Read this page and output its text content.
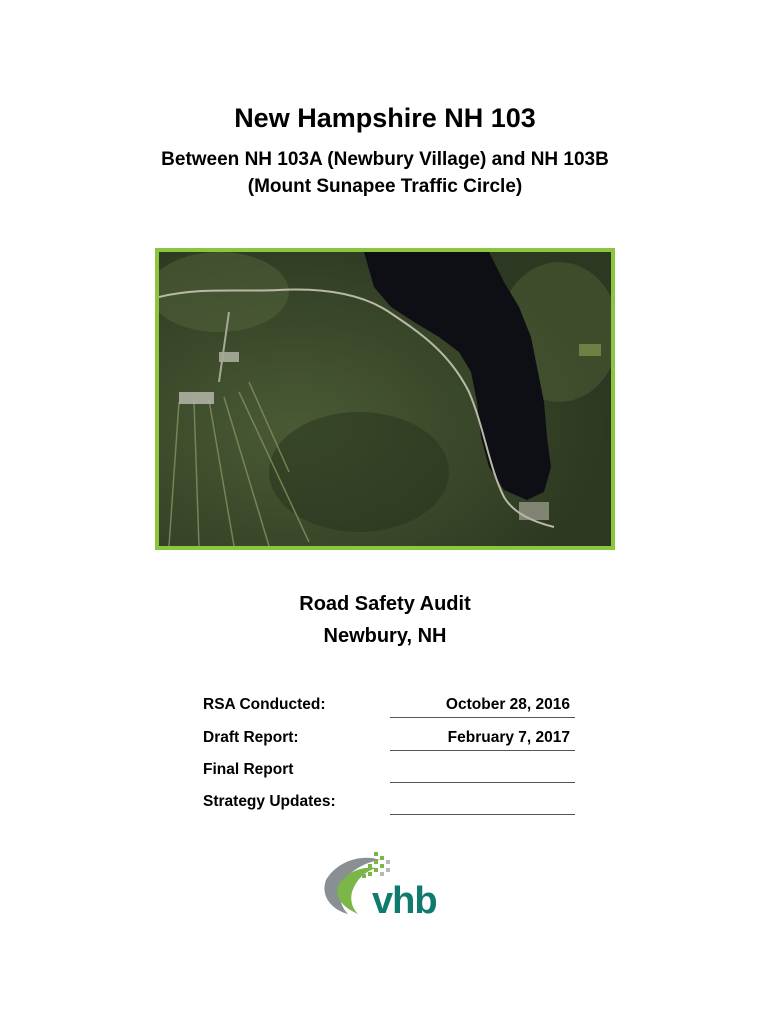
New Hampshire NH 103
Between NH 103A (Newbury Village) and NH 103B
(Mount Sunapee Traffic Circle)
Road Safety Audit
Newbury, NH
RSA Conducted:	October 28, 2016
Draft Report:	February 7, 2017
Final Report
Strategy Updates:
vhb
